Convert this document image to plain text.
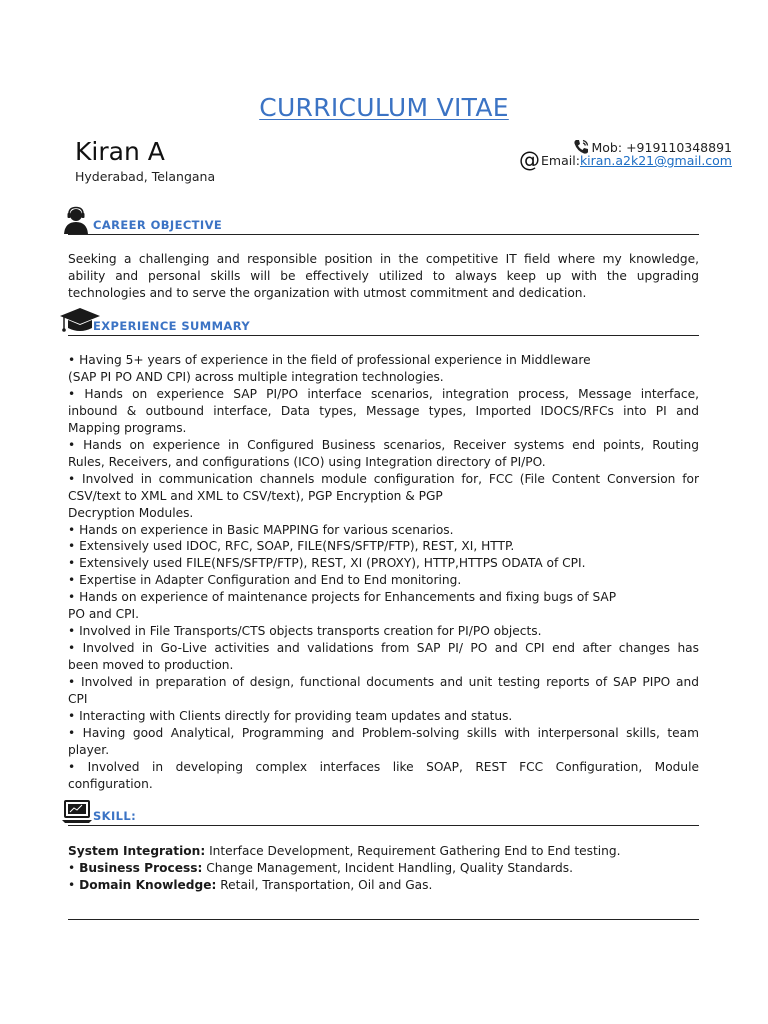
CURRICULUM VITAE
Kiran A
Hyderabad, Telangana
Mob:
+919110348891
@ Email: kiran.a2k21@gmail.com
CAREER OBJECTIVE
Seeking a challenging and responsible position in the competitive IT field where my knowledge,
ability and personal skills will be effectively utilized to always keep up with the upgrading
technologies and to serve the organization with utmost commitment and dedication.
EXPERIENCE SUMMARY
• Having 5+ years of experience in the field of professional experience in Middleware
(SAP PI PO AND CPI) across multiple integration technologies.
• Hands on experience SAP PI/PO interface scenarios, integration process, Message interface,
inbound & outbound interface, Data types, Message types, Imported IDOCS/RFCs into PI and
Mapping programs.
• Hands on experience in Configured Business scenarios, Receiver systems end points, Routing
Rules, Receivers, and configurations (ICO) using Integration directory of PI/PO.
• Involved in communication channels module configuration for, FCC (File Content Conversion for
CSV/text to XML and XML to CSV/text), PGP Encryption & PGP
Decryption Modules.
• Hands on experience in Basic MAPPING for various scenarios.
• Extensively used IDOC, RFC, SOAP, FILE(NFS/SFTP/FTP), REST, XI, HTTP.
• Extensively used FILE(NFS/SFTP/FTP), REST, XI (PROXY), HTTP,HTTPS ODATA of CPI.
• Expertise in Adapter Configuration and End to End monitoring.
• Hands on experience of maintenance projects for Enhancements and fixing bugs of SAP
PO and CPI.
• Involved in File Transports/CTS objects transports creation for PI/PO objects.
• Involved in Go-Live activities and validations from SAP PI/ PO and CPI end after changes has
been moved to production.
• Involved in preparation of design, functional documents and unit testing reports of SAP PIPO and
CPI
• Interacting with Clients directly for providing team updates and status.
• Having good Analytical, Programming and Problem-solving skills with interpersonal skills, team
player.
• Involved in developing complex interfaces like SOAP, REST FCC Configuration, Module
configuration.
SKILL:
System Integration: Interface Development, Requirement Gathering End to End testing.
• Business Process: Change Management, Incident Handling, Quality Standards.
• Domain Knowledge: Retail, Transportation, Oil and Gas.
